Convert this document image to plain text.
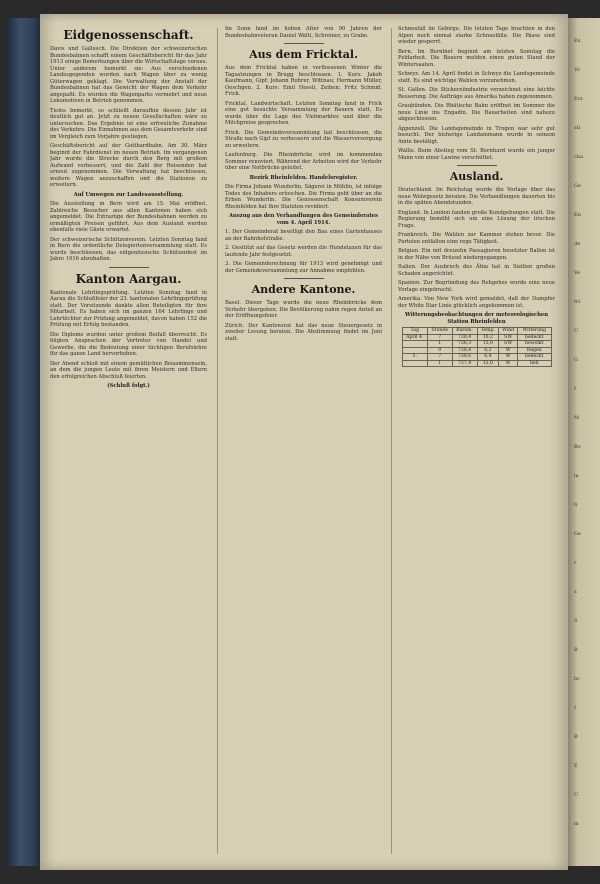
Eidgenossenschaft.

Davis und Gallusch. Die Direktion der schweizerischen Bundesbahnen schafft einem Geschäftsbericht für das Jahr 1913 einige Bemerkungen über die Wirtschaftslage voraus. Unter anderem bemerkt sie: Aus verschiedenen Landesgegenden wurden nach Wagen über zu wenig Güterwagen geklagt. Die Verwaltung der Anstalt der Bundesbahnen hat das Gewicht der Wagen dem Verkehr angepaßt. Es wurden die Wagenparks vermehrt und neue Lokomotiven in Betrieb genommen.

Tiefes bemerkt, so schließt daraufhin dessen Jahr ist deutlich gut an. Jetzt zu neuen Gesellschaften wäre zu untersuchen. Das Ergebnis ist eine erfreuliche Zunahme des Verkehrs. Die Einnahmen aus dem Gesamtverkehr sind im Vergleich zum Vorjahre gestiegen.

Geschäftsbericht auf der Gotthardbahn. Am 30. März beginnt der Fahrdienst im neuen Betrieb. Im vergangenen Jahr wurde die Strecke durch den Berg mit großem Aufwand verbessert, und die Zahl der Reisenden hat erneut zugenommen. Die Verwaltung hat beschlossen, weitere Wagen anzuschaffen und die Stationen zu erweitern.

Auf Umwegen zur Landesausstellung.

Die Ausstellung in Bern wird am 15. Mai eröffnet. Zahlreiche Besucher aus allen Kantonen haben sich angemeldet. Die Extrazüge der Bundesbahnen werden zu ermäßigten Preisen geführt. Aus dem Ausland werden ebenfalls viele Gäste erwartet.

Der schweizerische Schützenverein. Letzten Sonntag fand in Bern die ordentliche Delegiertenversammlung statt. Es wurde beschlossen, das eidgenössische Schützenfest im Jahre 1916 abzuhalten.

Kanton Aargau.

Kantonale Lehrlingsprüfung. Letzten Sonntag fand in Aarau die Schlußfeier der 23. kantonalen Lehrlingsprüfung statt. Der Vorsitzende dankte allen Beteiligten für ihre Mitarbeit. Es haben sich im ganzen 164 Lehrlinge und Lehrtöchter zur Prüfung angemeldet, davon haben 152 die Prüfung mit Erfolg bestanden.

Die Diplome wurden unter großem Beifall überreicht. Es folgten Ansprachen der Vertreter von Handel und Gewerbe, die die Bedeutung einer tüchtigen Berufslehre für das ganze Land hervorhoben.

Der Abend schloß mit einem gemütlichen Beisammensein, an dem die jungen Leute mit ihren Meistern und Eltern den erfolgreichen Abschluß feierten.

(Schluß folgt.)

Im Sonn fand im hohen Alter von 90 Jahren der Bundesbahnveteran Daniel Wälti, Schreiner, zu Grabe.

Aus dem Fricktal.

Aus dem Fricktal haben in verflossenen Winter die Tagsatzungen in Brugg beschlossen: 1. Kurs: Jakob Kaufmann, Gipf; Johann Rohrer, Wittnau; Hermann Müller, Oeschgen. 2. Kurs: Emil Hossli, Zeihen; Fritz Schmid, Frick.

Fricktal, Landwirtschaft. Letzten Sonntag fand in Frick eine gut besuchte Versammlung der Bauern statt. Es wurde über die Lage des Viehmarktes und über die Milchpreise gesprochen.

Frick. Die Gemeindeversammlung hat beschlossen, die Straße nach Gipf zu verbessern und die Wasserversorgung zu erweitern.

Laufenburg. Die Rheinbrücke wird im kommenden Sommer renoviert. Während der Arbeiten wird der Verkehr über eine Notbrücke geleitet.

Bezirk Rheinfelden. Handelsregister.

Die Firma Johann Wunderlin, Sägerei in Möhlin, ist infolge Todes des Inhabers erloschen. Die Firma geht über an die Erben Wunderlin. Die Genossenschaft Konsumverein Rheinfelden hat ihre Statuten revidiert.

Auszug aus den Verhandlungen des Gemeinderates vom 4. April 1914.

1. Der Gemeinderat bewilligt den Bau eines Gartenhauses an der Bahnhofstraße.

2. Gestützt auf das Gesetz werden die Hundetaxen für das laufende Jahr festgesetzt.

3. Die Gemeinderechnung für 1913 wird genehmigt und der Gemeindeversammlung zur Annahme empfohlen.

Andere Kantone.

Basel. Dieser Tage wurde die neue Rheinbrücke dem Verkehr übergeben. Die Bevölkerung nahm regen Anteil an der Eröffnungsfeier.

Zürich. Der Kantonsrat hat das neue Steuergesetz in zweiter Lesung beraten. Die Abstimmung findet im Juni statt.

Schneefall im Gebirge. Die letzten Tage brachten in den Alpen noch einmal starke Schneefälle. Die Pässe sind wieder gesperrt.

Bern. Im Bernbiet beginnt am letzten Sonntag die Feldarbeit. Die Bauern melden einen guten Stand der Wintersaaten.

Schwyz. Am 14. April findet in Schwyz die Landsgemeinde statt. Es sind wichtige Wahlen vorzunehmen.

St. Gallen. Die Stickereiindustrie verzeichnet eine leichte Besserung. Die Aufträge aus Amerika haben zugenommen.

Graubünden. Die Rhätische Bahn eröffnet im Sommer die neue Linie ins Engadin. Die Bauarbeiten sind nahezu abgeschlossen.

Appenzell. Die Landsgemeinde in Trogen war sehr gut besucht. Der bisherige Landammann wurde in seinem Amte bestätigt.

Wallis. Beim Abstieg vom St. Bernhard wurde ein junger Mann von einer Lawine verschüttet.

Ausland.

Deutschland. Im Reichstag wurde die Vorlage über das neue Wehrgesetz beraten. Die Verhandlungen dauerten bis in die späten Abendstunden.

England. In London fanden große Kundgebungen statt. Die Regierung bemüht sich um eine Lösung der irischen Frage.

Frankreich. Die Wahlen zur Kammer stehen bevor. Die Parteien entfalten eine rege Tätigkeit.

Belgien. Ein mit dreizehn Passagieren besetzter Ballon ist in der Nähe von Brüssel niedergegangen.

Italien. Der Ausbruch des Ätna hat in Sizilien großen Schaden angerichtet.

Spanien. Zur Begründung des Rehgehes wurde eine neue Vorlage eingebracht.

Amerika. Von New York wird gemeldet, daß der Dampfer der White Star Linie glücklich angekommen ist.

Witterungsbeobachtungen der meteorologischen Station Rheinfelden
Tag	Stunde	Barom.	Temp.	Wind	Witterung
April 4.	7	738,4	10,2	SW	bedeckt
	1	736,3	15,0	SW	bewölkt
	9	738,4	8,2	W	Regen
5.	7	738,6	6,4	W	bedeckt
	1	737,4	12,0	W	hell
Ex
Vo
Erz
sti
cha
Ge
En
de
Ve
tri
U
G
f
M
Bo
la
ti
Ge
r
s
S
B
bc
I
B
E
U
m
